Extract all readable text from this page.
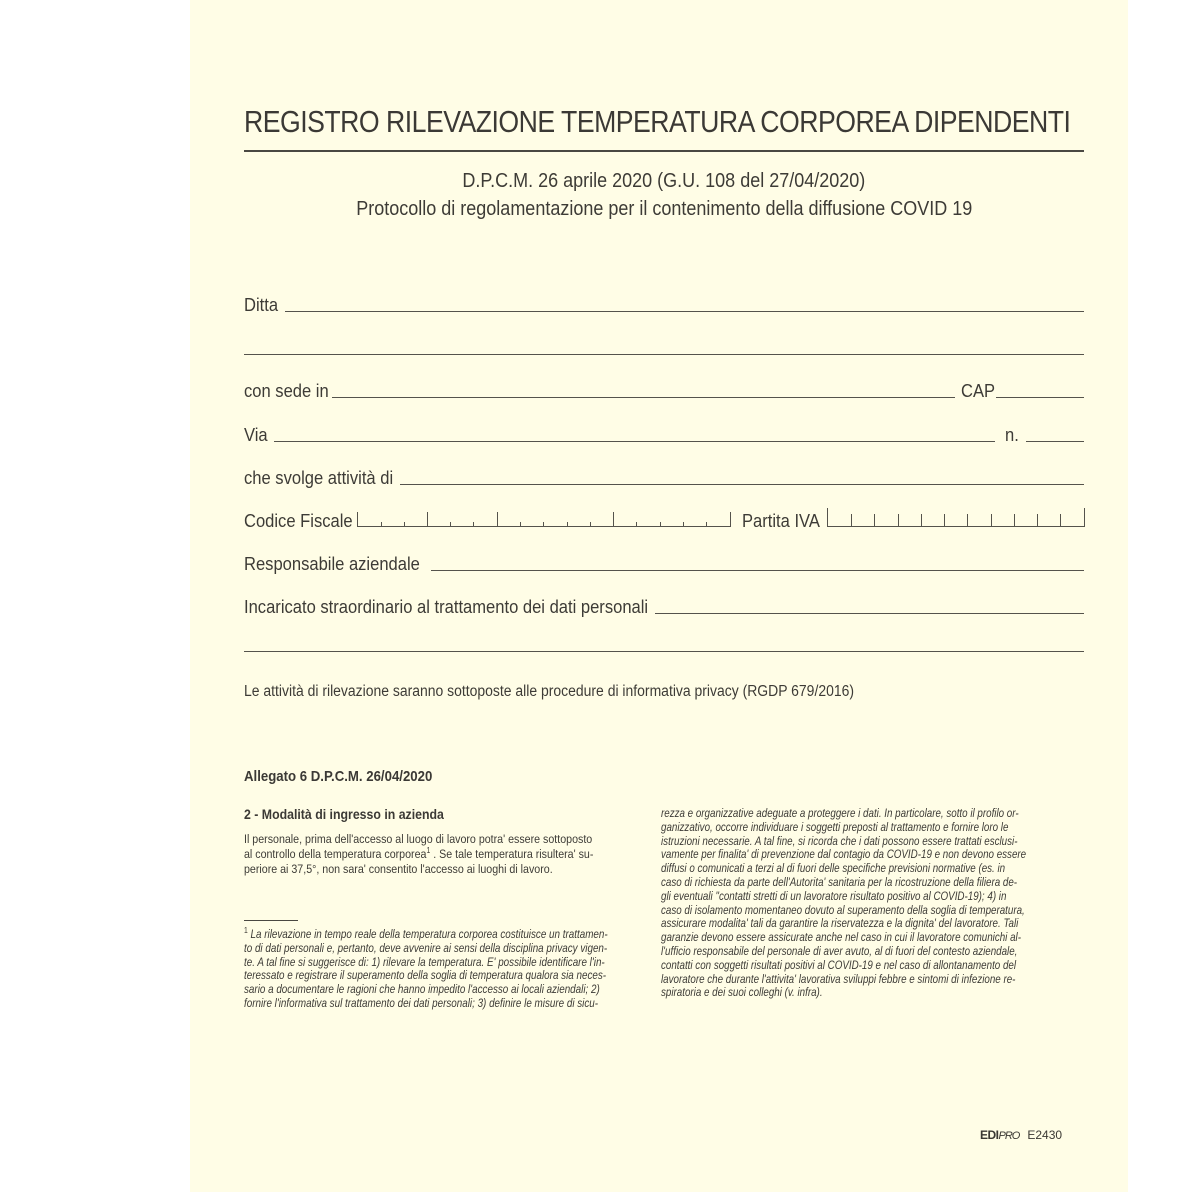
REGISTRO RILEVAZIONE TEMPERATURA CORPOREA DIPENDENTI
D.P.C.M. 26 aprile 2020 (G.U. 108 del 27/04/2020)
Protocollo di regolamentazione per il contenimento della diffusione COVID 19
Ditta
con sede in	CAP
Via	n.
che svolge attività di
Codice Fiscale	Partita IVA
Responsabile aziendale
Incaricato straordinario al trattamento dei dati personali
Le attività di rilevazione saranno sottoposte alle procedure di informativa privacy (RGDP 679/2016)
Allegato 6 D.P.C.M. 26/04/2020
2 - Modalità di ingresso in azienda

Il personale, prima dell'accesso al luogo di lavoro potra' essere sottoposto

al controllo della temperatura corporea$^1$ . Se tale temperatura risultera' su-

periore ai 37,5°, non sara' consentito l'accesso ai luoghi di lavoro.

$^1$ La rilevazione in tempo reale della temperatura corporea costituisce un trattamen-

to di dati personali e, pertanto, deve avvenire ai sensi della disciplina privacy vigen-

te. A tal fine si suggerisce di: 1) rilevare la temperatura. E' possibile identificare l'in-

teressato e registrare il superamento della soglia di temperatura qualora sia neces-

sario a documentare le ragioni che hanno impedito l'accesso ai locali aziendali; 2)

fornire l'informativa sul trattamento dei dati personali; 3) definire le misure di sicu-

rezza e organizzative adeguate a proteggere i dati. In particolare, sotto il profilo or-

ganizzativo, occorre individuare i soggetti preposti al trattamento e fornire loro le

istruzioni necessarie. A tal fine, si ricorda che i dati possono essere trattati esclusi-

vamente per finalita' di prevenzione dal contagio da COVID-19 e non devono essere

diffusi o comunicati a terzi al di fuori delle specifiche previsioni normative (es. in

caso di richiesta da parte dell'Autorita' sanitaria per la ricostruzione della filiera de-

gli eventuali "contatti stretti di un lavoratore risultato positivo al COVID-19); 4) in

caso di isolamento momentaneo dovuto al superamento della soglia di temperatura,

assicurare modalita' tali da garantire la riservatezza e la dignita' del lavoratore. Tali

garanzie devono essere assicurate anche nel caso in cui il lavoratore comunichi al-

l'ufficio responsabile del personale di aver avuto, al di fuori del contesto aziendale,

contatti con soggetti risultati positivi al COVID-19 e nel caso di allontanamento del

lavoratore che durante l'attivita' lavorativa sviluppi febbre e sintomi di infezione re-

spiratoria e dei suoi colleghi (v. infra).

EDIPRO E2430
